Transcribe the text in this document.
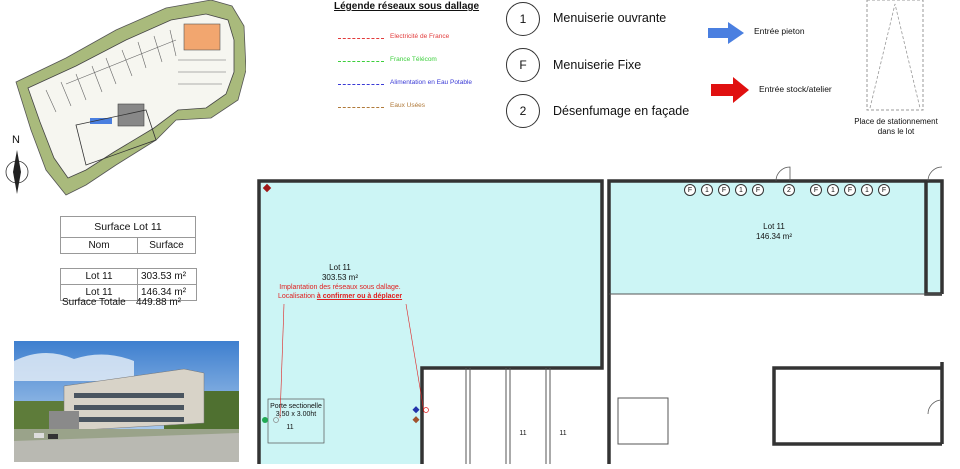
N
Surface Lot 11
Nom	Surface
Lot 11	303.53 m²
Lot 11	146.34 m²
Surface Totale 449.88 m²
Légende réseaux sous dallage
Electricité de France
France Télécom
Alimentation en Eau Potable
Eaux Usées
1	Menuiserie ouvrante
F	Menuiserie Fixe
2	Désenfumage en façade
Entrée pieton
Entrée stock/atelier
Place de stationnement dans le lot
Lot 11
303.53 m²
Implantation des réseaux sous dallage.
Localisation à confirmer ou à déplacer
Porte sectionelle
3.50 x 3.00ht
11
11	11
F	1	F	1	F	2	F	1	F	1	F
Lot 11
146.34 m²
